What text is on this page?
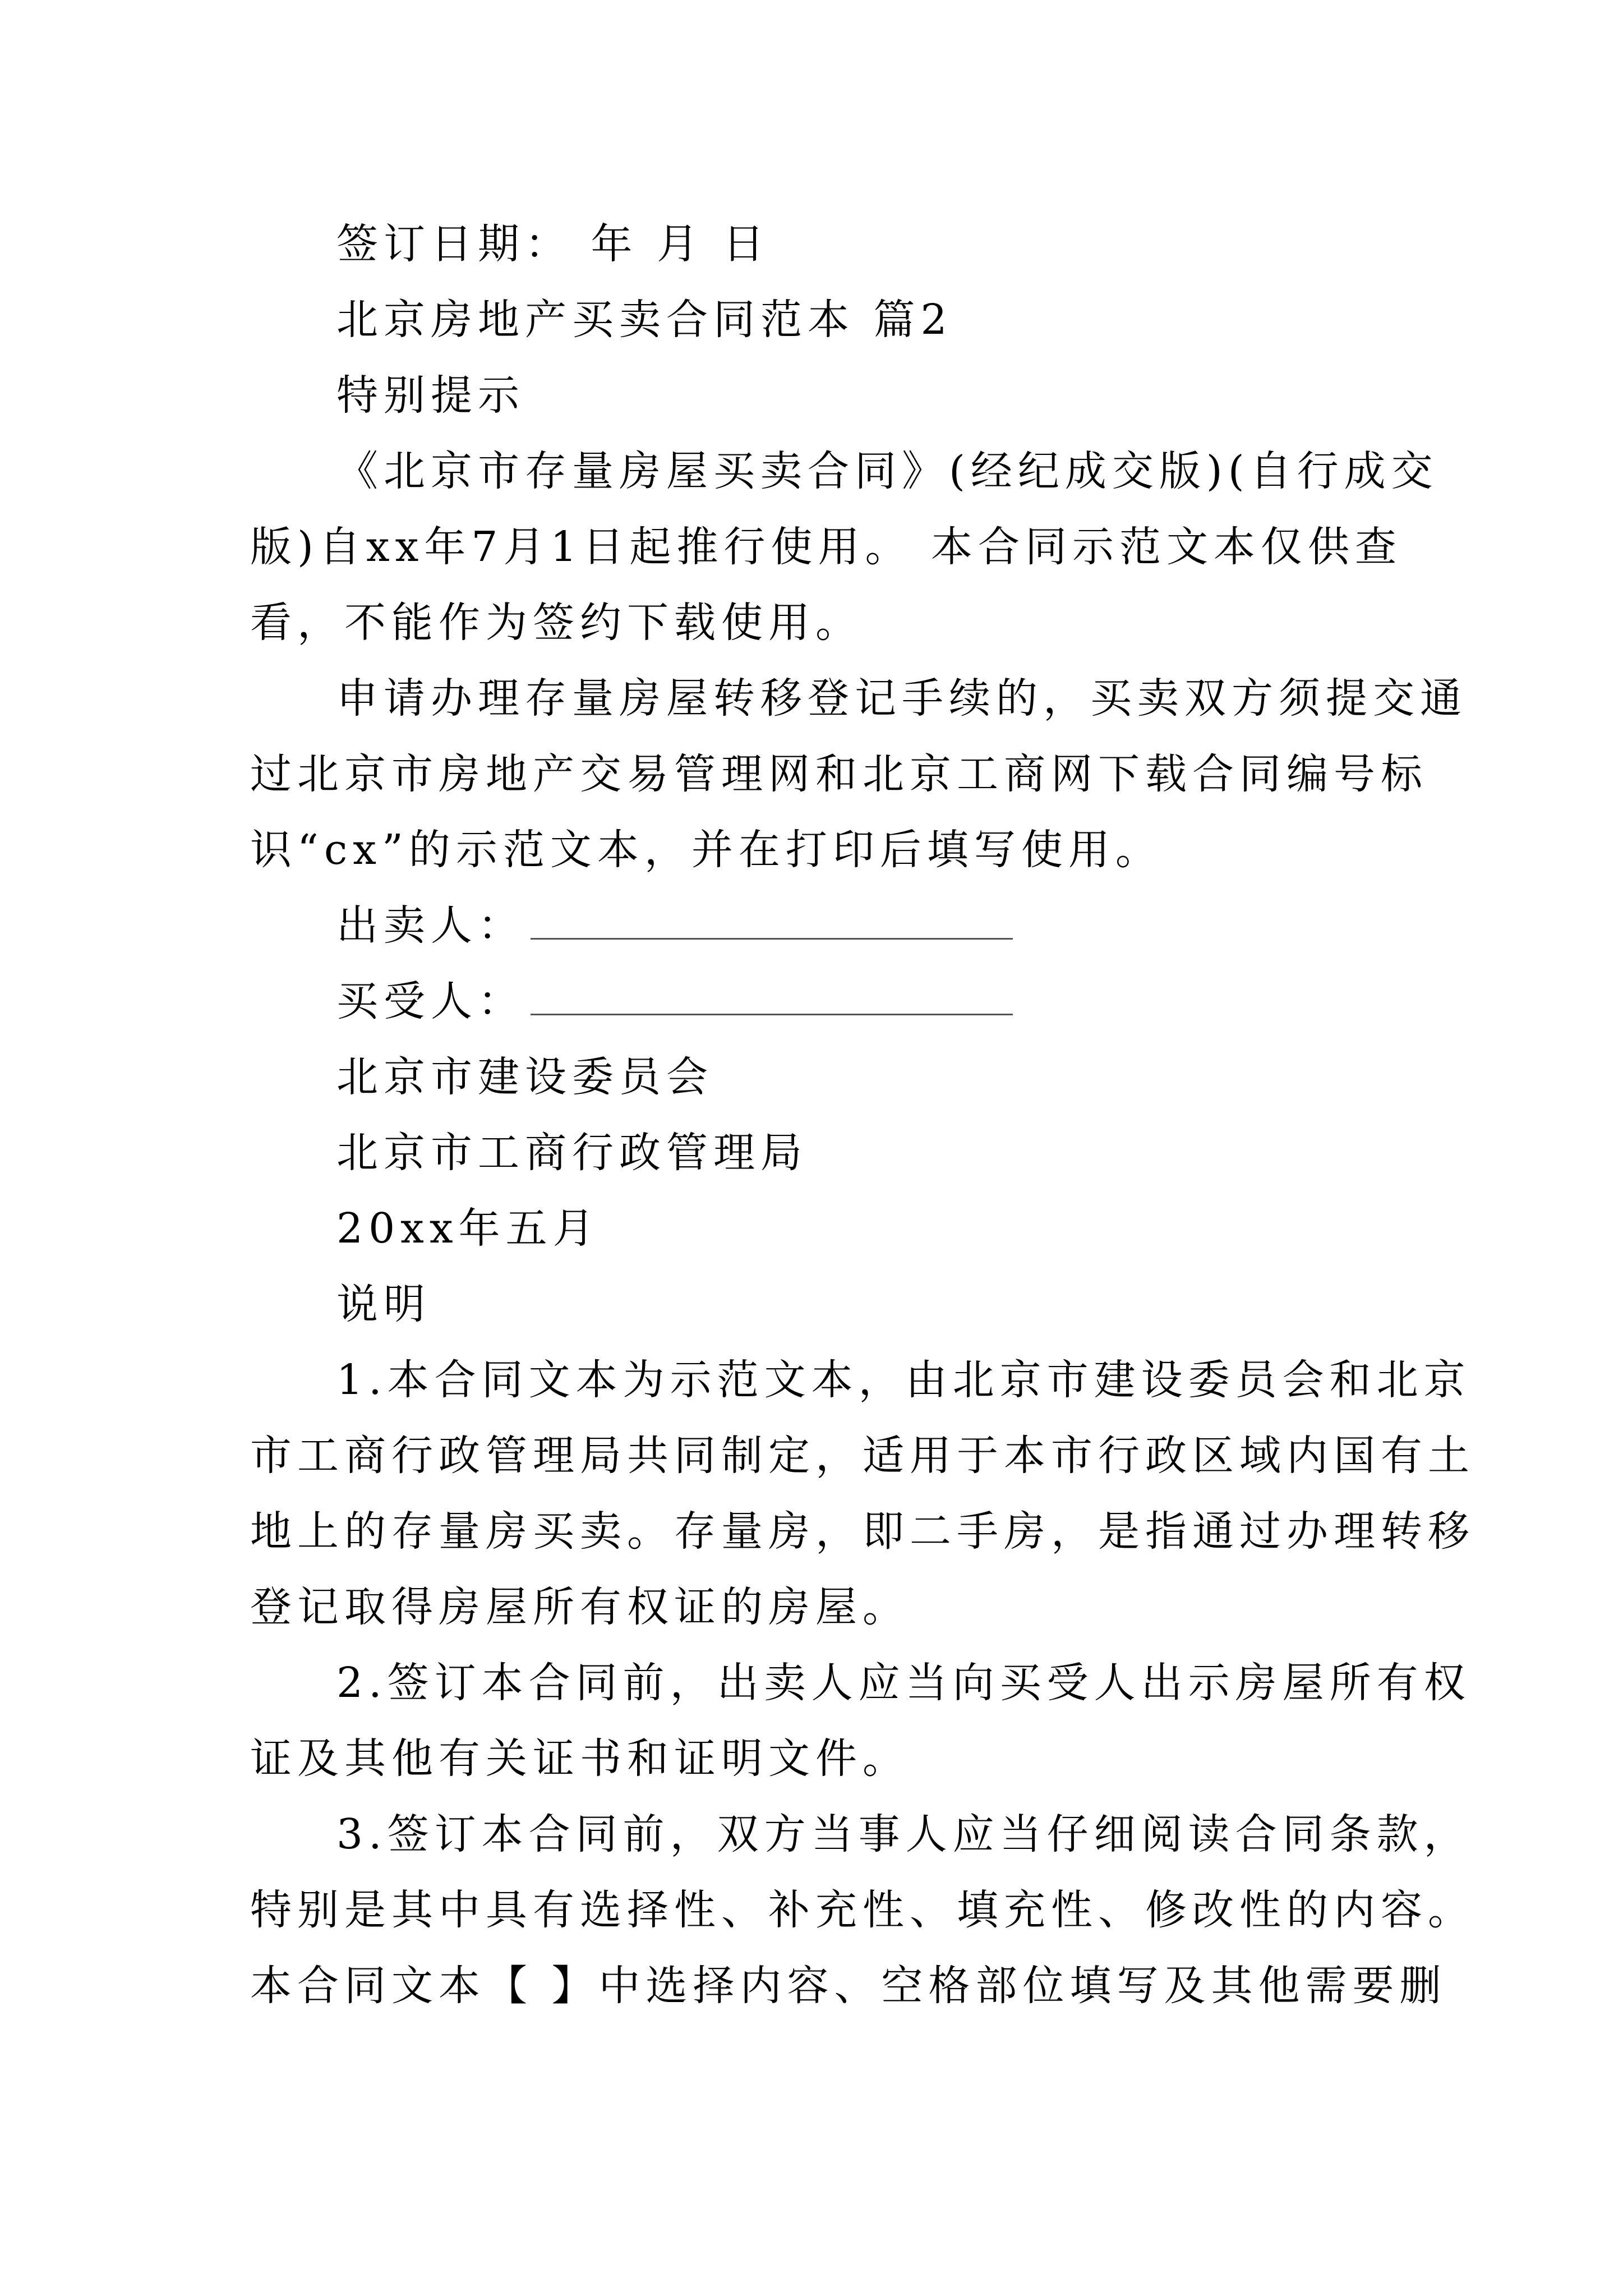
签订日期： 年 月 日
北京房地产买卖合同范本 篇2
特别提示
《北京市存量房屋买卖合同》(经纪成交版)(自行成交
版)自xx年7月1日起推行使用。 本合同示范文本仅供查
看，不能作为签约下载使用。
申请办理存量房屋转移登记手续的，买卖双方须提交通
过北京市房地产交易管理网和北京工商网下载合同编号标
识“cx”的示范文本，并在打印后填写使用。
出卖人：
买受人：
北京市建设委员会
北京市工商行政管理局
20xx年五月
说明
1.本合同文本为示范文本，由北京市建设委员会和北京
市工商行政管理局共同制定，适用于本市行政区域内国有土
地上的存量房买卖。存量房，即二手房，是指通过办理转移
登记取得房屋所有权证的房屋。
2.签订本合同前，出卖人应当向买受人出示房屋所有权
证及其他有关证书和证明文件。
3.签订本合同前，双方当事人应当仔细阅读合同条款，
特别是其中具有选择性、补充性、填充性、修改性的内容。
本合同文本【 】中选择内容、空格部位填写及其他需要删
